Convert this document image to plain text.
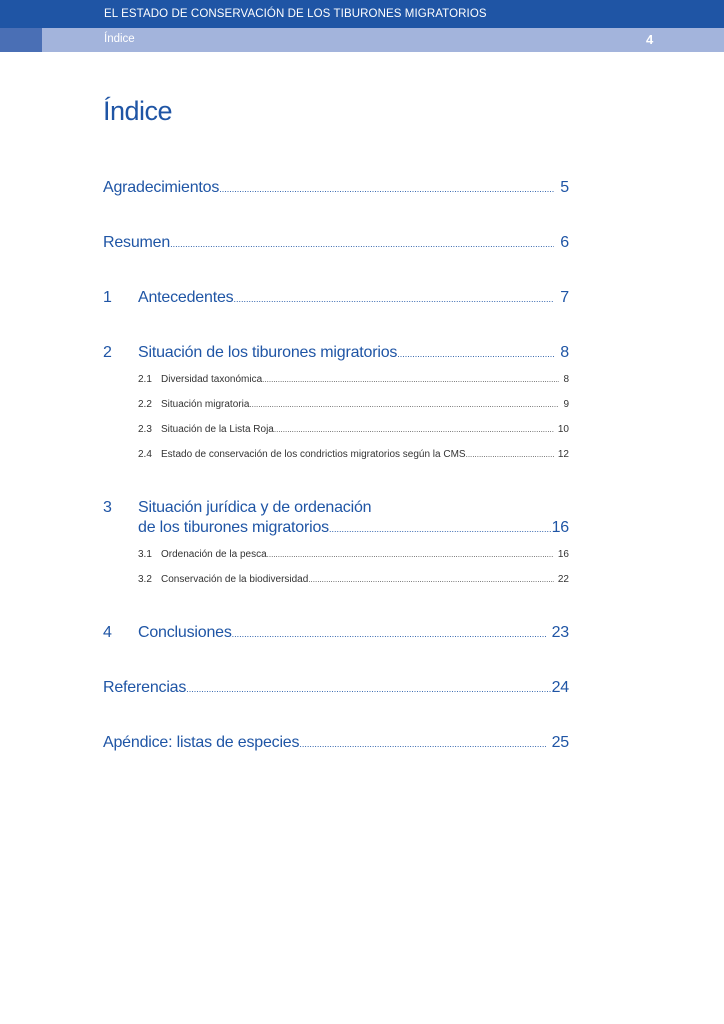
EL ESTADO DE CONSERVACIÓN DE LOS TIBURONES MIGRATORIOS
Índice	4
Índice
Agradecimientos .....	5
Resumen .....	6
1	Antecedentes .....	7
2	Situación de los tiburones migratorios .....	8
2.1 Diversidad taxonómica .....	8
2.2 Situación migratoria .....	9
2.3 Situación de la Lista Roja .....	10
2.4 Estado de conservación de los condrictios migratorios según la CMS .....	12
3 Situación jurídica y de ordenación
de los tiburones migratorios .....	16
3.1 Ordenación de la pesca .....	16
3.2 Conservación de la biodiversidad .....	22
4	Conclusiones .....	23
Referencias .....	24
Apéndice: listas de especies .....	25
